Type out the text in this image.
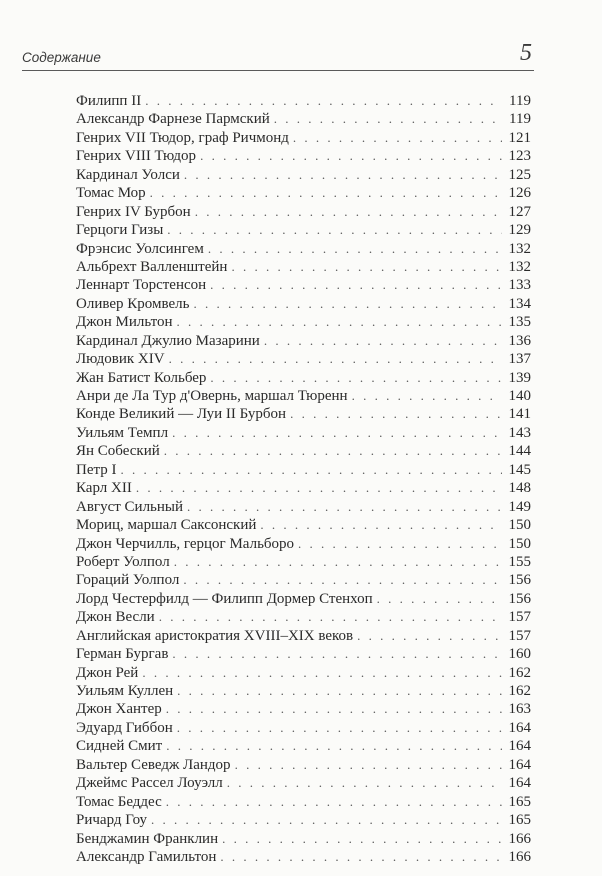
Содержание	5
Филипп II . . .	119
Александр Фарнезе Пармский . . .	119
Генрих VII Тюдор, граф Ричмонд . . .	121
Генрих VIII Тюдор . . .	123
Кардинал Уолси . . .	125
Томас Мор . . .	126
Генрих IV Бурбон . . .	127
Герцоги Гизы . . .	129
Фрэнсис Уолсингем . . .	132
Альбрехт Валленштейн . . .	132
Леннарт Торстенсон . . .	133
Оливер Кромвель . . .	134
Джон Мильтон . . .	135
Кардинал Джулио Мазарини . . .	136
Людовик XIV . . .	137
Жан Батист Кольбер . . .	139
Анри де Ла Тур д'Овернь, маршал Тюренн . . .	140
Конде Великий — Луи II Бурбон . . .	141
Уильям Темпл . . .	143
Ян Собеский . . .	144
Петр I . . .	145
Карл XII . . .	148
Август Сильный . . .	149
Мориц, маршал Саксонский . . .	150
Джон Черчилль, герцог Мальборо . . .	150
Роберт Уолпол . . .	155
Гораций Уолпол . . .	156
Лорд Честерфилд — Филипп Дормер Стенхоп . . .	156
Джон Весли . . .	157
Английская аристократия XVIII–XIX веков . . .	157
Герман Бургав . . .	160
Джон Рей . . .	162
Уильям Куллен . . .	162
Джон Хантер . . .	163
Эдуард Гиббон . . .	164
Сидней Смит . . .	164
Вальтер Севедж Ландор . . .	164
Джеймс Рассел Лоуэлл . . .	164
Томас Беддес . . .	165
Ричард Гоу . . .	165
Бенджамин Франклин . . .	166
Александр Гамильтон . . .	166
